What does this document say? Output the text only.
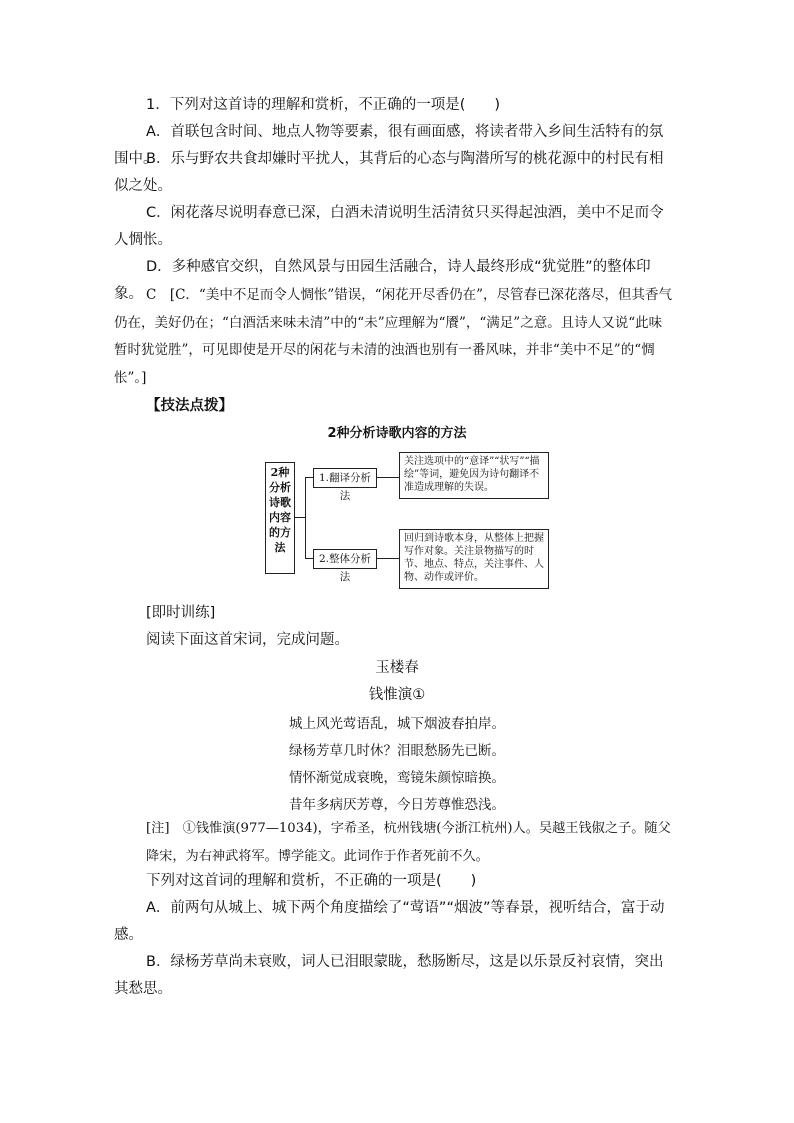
1．下列对这首诗的理解和赏析，不正确的一项是(　　)
A．首联包含时间、地点人物等要素，很有画面感，将读者带入乡间生活特有的氛围中。
B．乐与野农共食却嫌时平扰人，其背后的心态与陶潜所写的桃花源中的村民有相似之处。
C．闲花落尽说明春意已深，白酒未清说明生活清贫只买得起浊酒，美中不足而令人惆怅。
D．多种感官交织，自然风景与田园生活融合，诗人最终形成“犹觉胜”的整体印象。 C　[C．“美中不足而令人惆怅”错误，“闲花开尽香仍在”，尽管春已深花落尽，但其香气仍在，美好仍在；“白酒活来味未清”中的“未”应理解为“餍”，“满足”之意。且诗人又说“此味暂时犹觉胜”，可见即使是开尽的闲花与未清的浊酒也别有一番风味，并非“美中不足”的“惆怅”。]
【技法点拨】
2种分析诗歌内容的方法
2种
分析
诗歌
内容
的方
法
1.翻译分析法
关注选项中的“意译”“状写”“描绘”等词，避免因为诗句翻译不准造成理解的失误。
2.整体分析法
回归到诗歌本身，从整体上把握写作对象。关注景物描写的时节、地点、特点，关注事件、人物、动作或评价。
[即时训练]
阅读下面这首宋词，完成问题。
玉楼春
钱惟演①
城上风光莺语乱，城下烟波春拍岸。
绿杨芳草几时休？泪眼愁肠先已断。
情怀渐觉成衰晚，鸾镜朱颜惊暗换。
昔年多病厌芳尊，今日芳尊惟恐浅。
[注]　①钱惟演(977—1034)，字希圣，杭州钱塘(今浙江杭州)人。吴越王钱俶之子。随父降宋，为右神武将军。博学能文。此词作于作者死前不久。
下列对这首词的理解和赏析，不正确的一项是(　　)
A．前两句从城上、城下两个角度描绘了“莺语”“烟波”等春景，视听结合，富于动感。
B．绿杨芳草尚未衰败，词人已泪眼蒙眬，愁肠断尽，这是以乐景反衬哀情，突出其愁思。
